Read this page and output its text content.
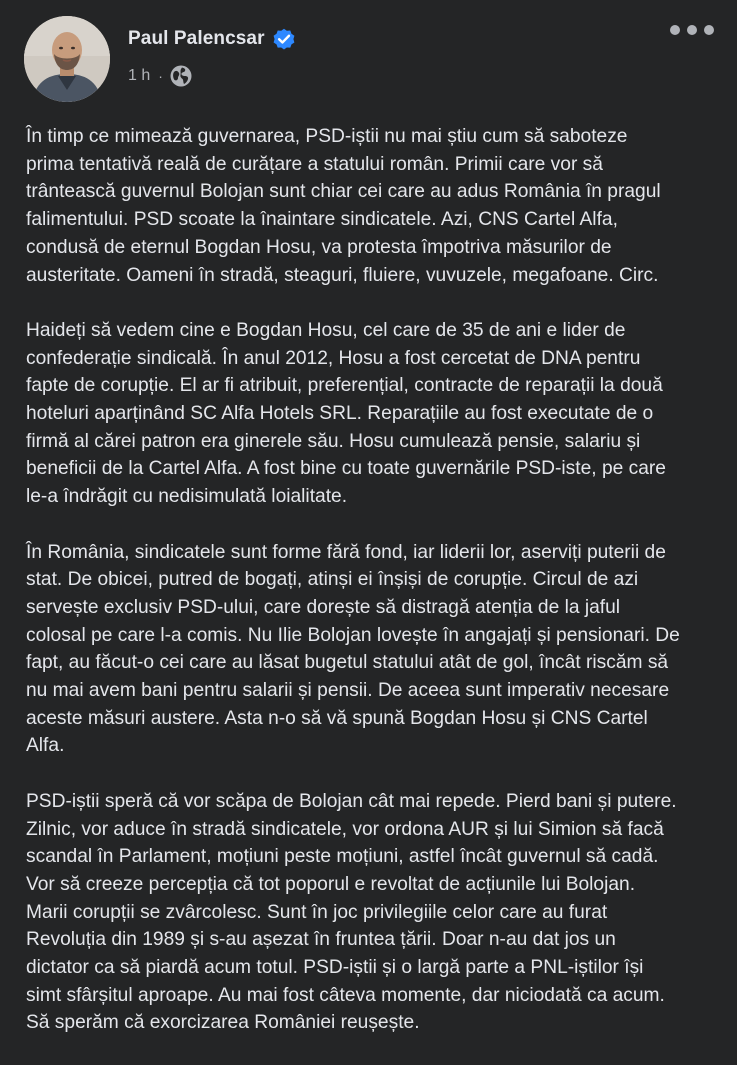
Paul Palencsar
1 h ·

În timp ce mimează guvernarea, PSD-iștii nu mai știu cum să saboteze
prima tentativă reală de curățare a statului român. Primii care vor să
trântească guvernul Bolojan sunt chiar cei care au adus România în pragul
falimentului. PSD scoate la înaintare sindicatele. Azi, CNS Cartel Alfa,
condusă de eternul Bogdan Hosu, va protesta împotriva măsurilor de
austeritate. Oameni în stradă, steaguri, fluiere, vuvuzele, megafoane. Circ.

Haideți să vedem cine e Bogdan Hosu, cel care de 35 de ani e lider de
confederație sindicală. În anul 2012, Hosu a fost cercetat de DNA pentru
fapte de corupție. El ar fi atribuit, preferențial, contracte de reparații la două
hoteluri aparținând SC Alfa Hotels SRL. Reparațiile au fost executate de o
firmă al cărei patron era ginerele său. Hosu cumulează pensie, salariu și
beneficii de la Cartel Alfa. A fost bine cu toate guvernările PSD-iste, pe care
le-a îndrăgit cu nedisimulată loialitate.

În România, sindicatele sunt forme fără fond, iar liderii lor, aserviți puterii de
stat. De obicei, putred de bogați, atinși ei înșiși de corupție. Circul de azi
servește exclusiv PSD-ului, care dorește să distragă atenția de la jaful
colosal pe care l-a comis. Nu Ilie Bolojan lovește în angajați și pensionari. De
fapt, au făcut-o cei care au lăsat bugetul statului atât de gol, încât riscăm să
nu mai avem bani pentru salarii și pensii. De aceea sunt imperativ necesare
aceste măsuri austere. Asta n-o să vă spună Bogdan Hosu și CNS Cartel
Alfa.

PSD-iștii speră că vor scăpa de Bolojan cât mai repede. Pierd bani și putere.
Zilnic, vor aduce în stradă sindicatele, vor ordona AUR și lui Simion să facă
scandal în Parlament, moțiuni peste moțiuni, astfel încât guvernul să cadă.
Vor să creeze percepția că tot poporul e revoltat de acțiunile lui Bolojan.
Marii corupții se zvârcolesc. Sunt în joc privilegiile celor care au furat
Revoluția din 1989 și s-au așezat în fruntea țării. Doar n-au dat jos un
dictator ca să piardă acum totul. PSD-iștii și o largă parte a PNL-iștilor își
simt sfârșitul aproape. Au mai fost câteva momente, dar niciodată ca acum.
Să sperăm că exorcizarea României reușește.
